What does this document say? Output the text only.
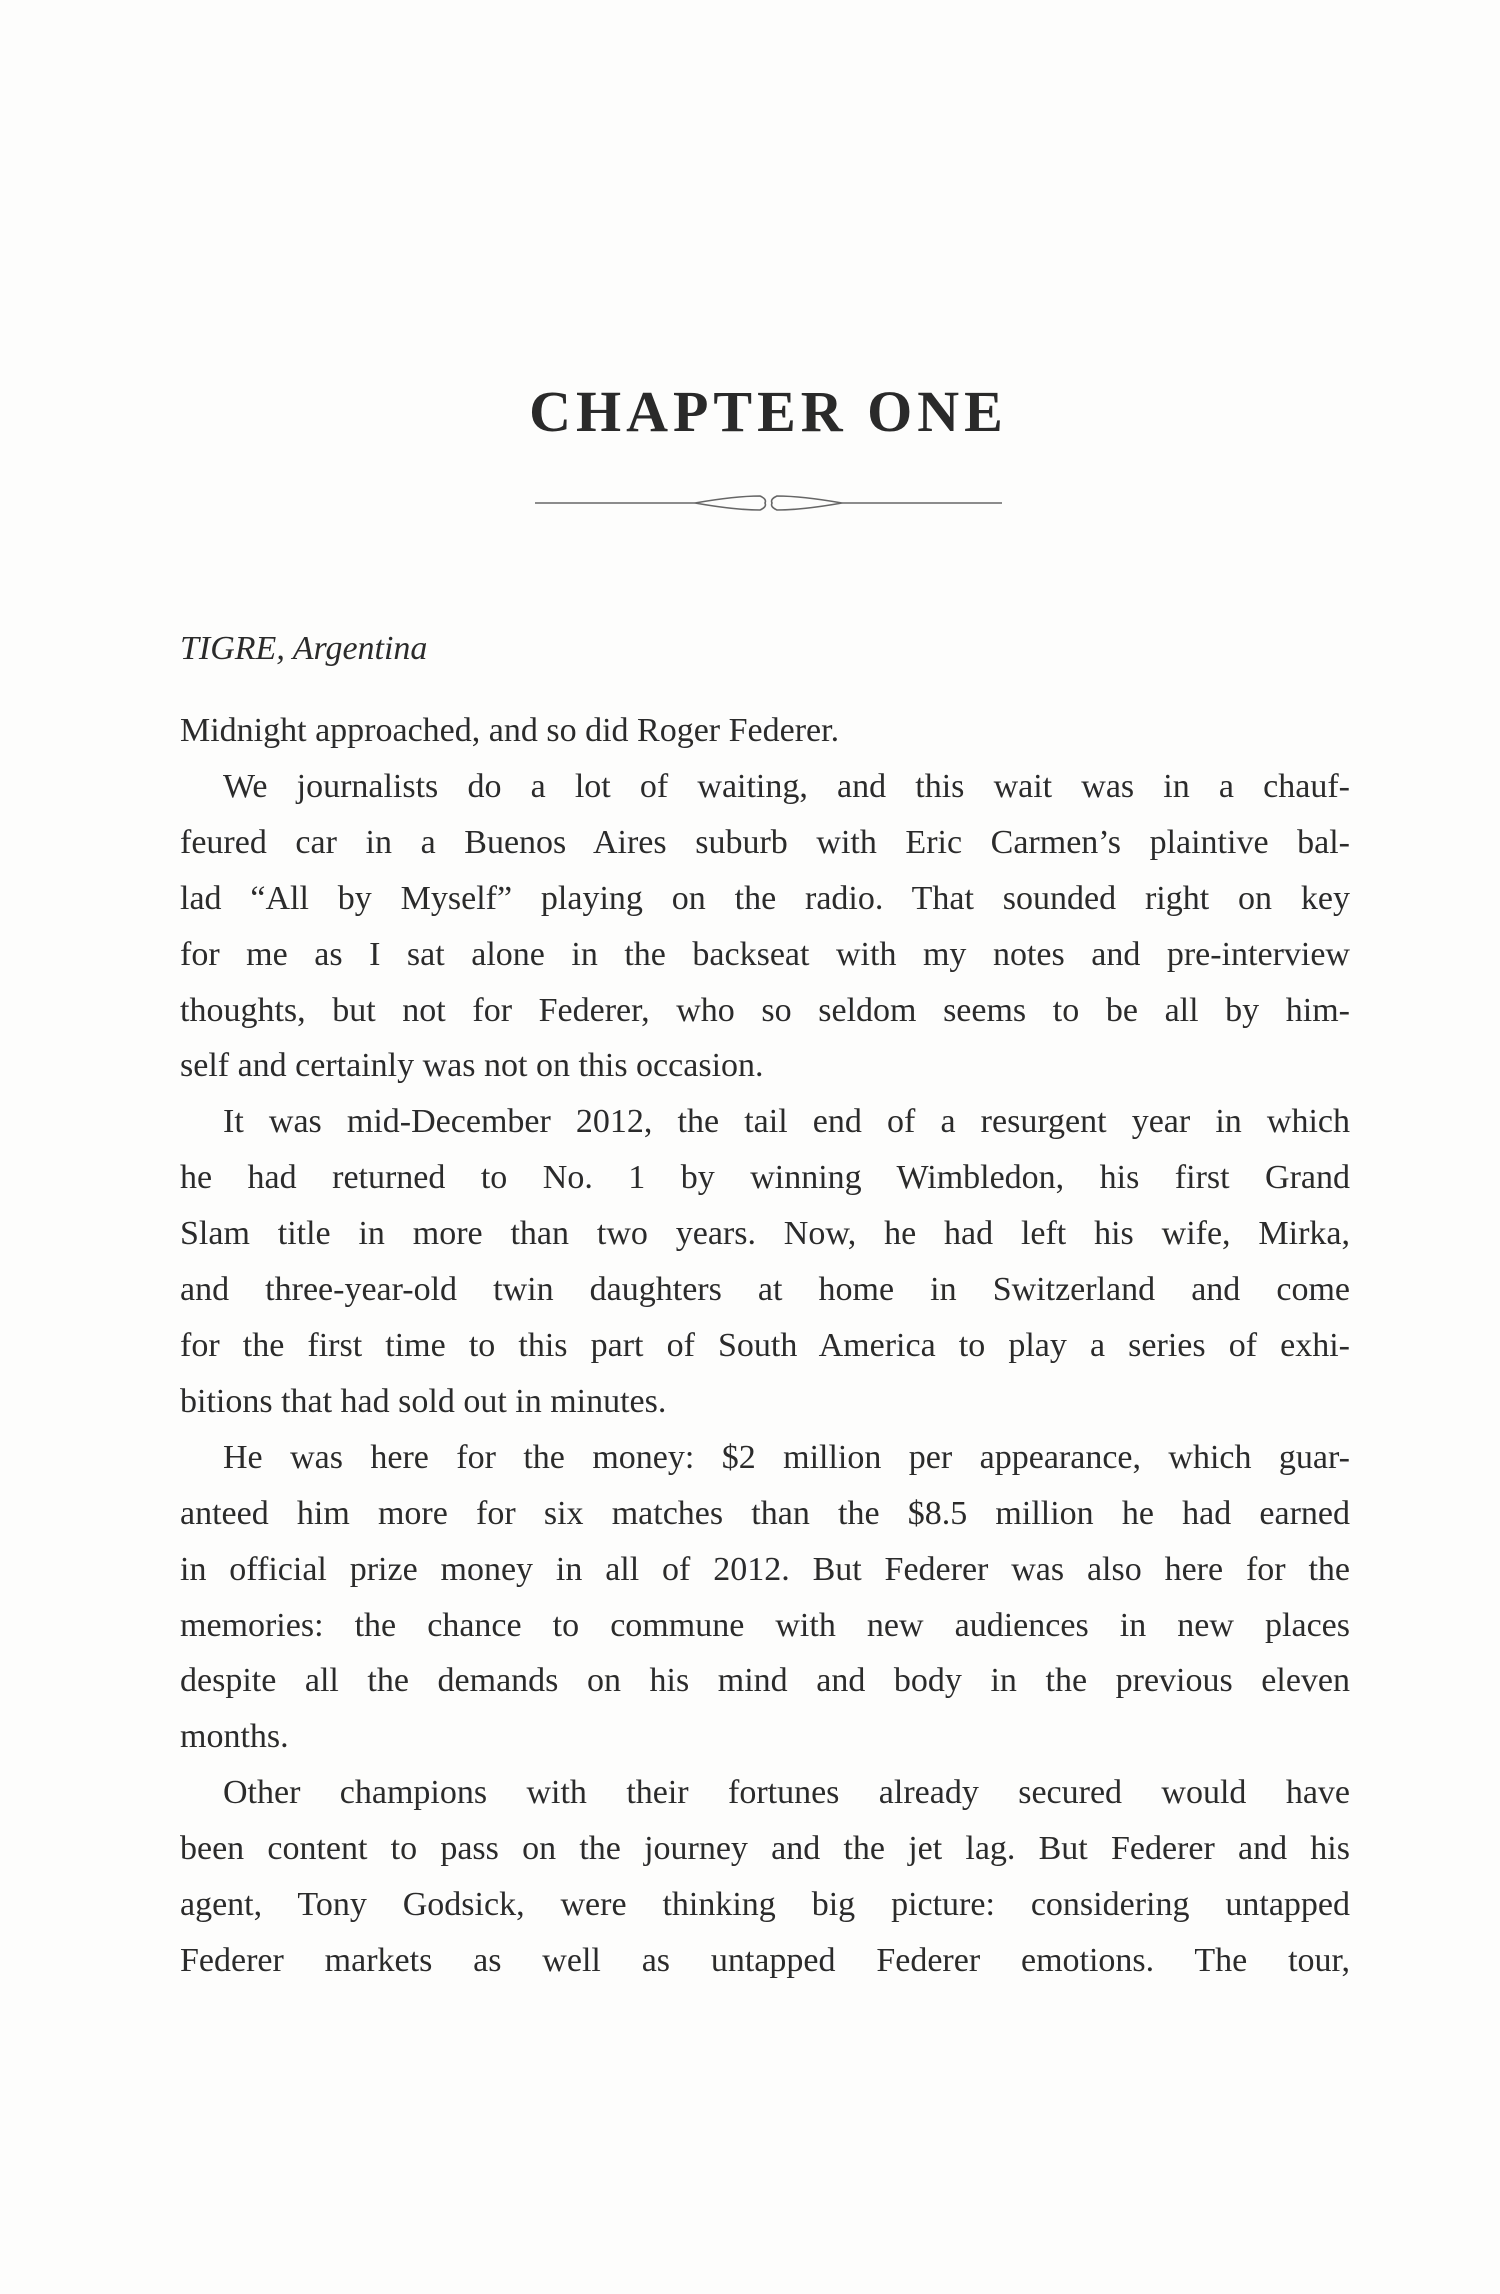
CHAPTER ONE
TIGRE, Argentina
Midnight approached, and so did Roger Federer.
We journalists do a lot of waiting, and this wait was in a chauf-
feured car in a Buenos Aires suburb with Eric Carmen’s plaintive bal-
lad “All by Myself” playing on the radio. That sounded right on key
for me as I sat alone in the backseat with my notes and pre-interview
thoughts, but not for Federer, who so seldom seems to be all by him-
self and certainly was not on this occasion.
It was mid-December 2012, the tail end of a resurgent year in which
he had returned to No. 1 by winning Wimbledon, his first Grand
Slam title in more than two years. Now, he had left his wife, Mirka,
and three-year-old twin daughters at home in Switzerland and come
for the first time to this part of South America to play a series of exhi-
bitions that had sold out in minutes.
He was here for the money: $2 million per appearance, which guar-
anteed him more for six matches than the $8.5 million he had earned
in official prize money in all of 2012. But Federer was also here for the
memories: the chance to commune with new audiences in new places
despite all the demands on his mind and body in the previous eleven
months.
Other champions with their fortunes already secured would have
been content to pass on the journey and the jet lag. But Federer and his
agent, Tony Godsick, were thinking big picture: considering untapped
Federer markets as well as untapped Federer emotions. The tour,
